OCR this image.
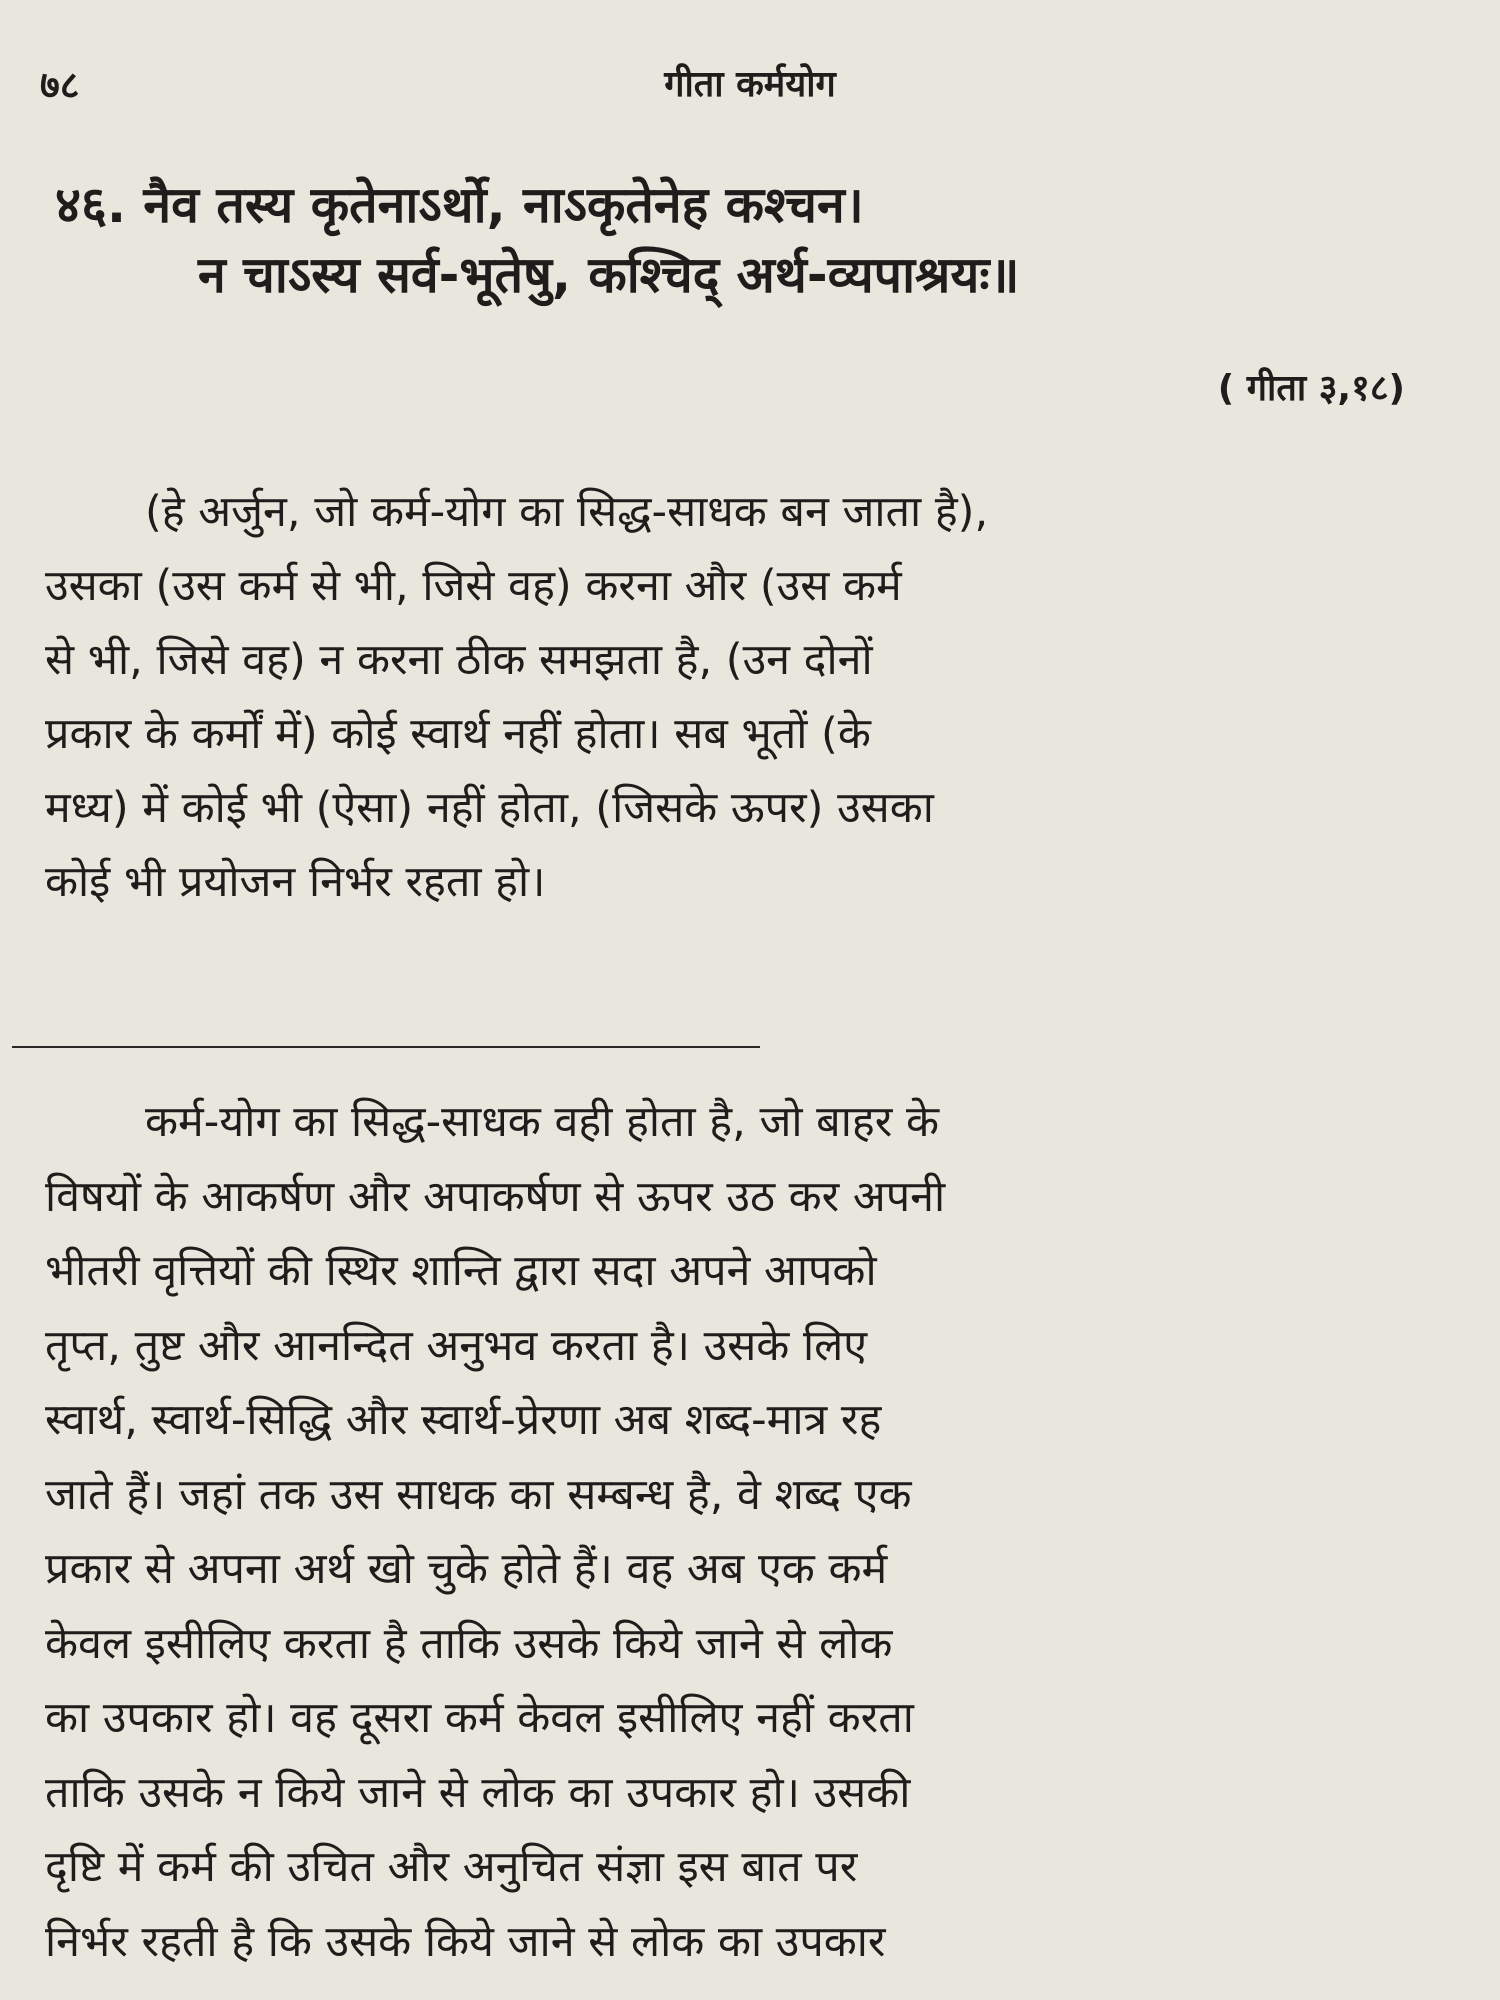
७८	गीता कर्मयोग
४६. नैव तस्य कृतेनाऽर्थो, नाऽकृतेनेह कश्चन।
न चाऽस्य सर्व-भूतेषु, कश्चिद् अर्थ-व्यपाश्रयः॥
( गीता ३,१८)
(हे अर्जुन, जो कर्म-योग का सिद्ध-साधक बन जाता है),
उसका (उस कर्म से भी, जिसे वह) करना और (उस कर्म
से भी, जिसे वह) न करना ठीक समझता है, (उन दोनों
प्रकार के कर्मों में) कोई स्वार्थ नहीं होता। सब भूतों (के
मध्य) में कोई भी (ऐसा) नहीं होता, (जिसके ऊपर) उसका
कोई भी प्रयोजन निर्भर रहता हो।
कर्म-योग का सिद्ध-साधक वही होता है, जो बाहर के
विषयों के आकर्षण और अपाकर्षण से ऊपर उठ कर अपनी
भीतरी वृत्तियों की स्थिर शान्ति द्वारा सदा अपने आपको
तृप्त, तुष्ट और आनन्दित अनुभव करता है। उसके लिए
स्वार्थ, स्वार्थ-सिद्धि और स्वार्थ-प्रेरणा अब शब्द-मात्र रह
जाते हैं। जहां तक उस साधक का सम्बन्ध है, वे शब्द एक
प्रकार से अपना अर्थ खो चुके होते हैं। वह अब एक कर्म
केवल इसीलिए करता है ताकि उसके किये जाने से लोक
का उपकार हो। वह दूसरा कर्म केवल इसीलिए नहीं करता
ताकि उसके न किये जाने से लोक का उपकार हो। उसकी
दृष्टि में कर्म की उचित और अनुचित संज्ञा इस बात पर
निर्भर रहती है कि उसके किये जाने से लोक का उपकार
